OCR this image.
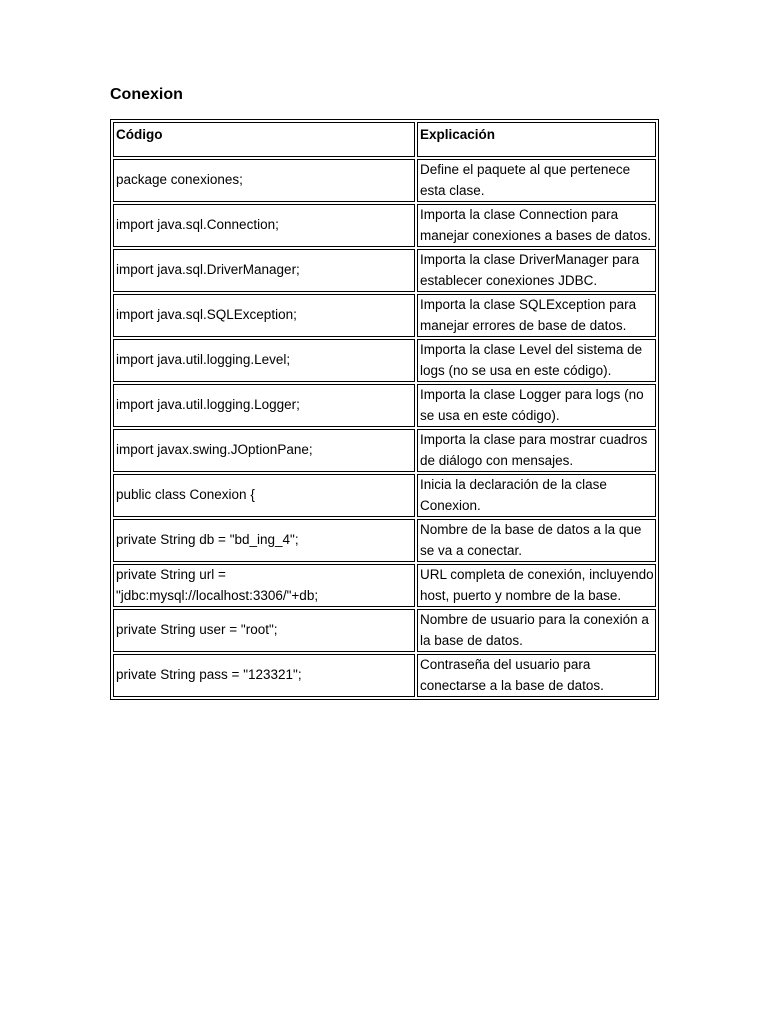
Conexion
Código	Explicación
package conexiones;	Define el paquete al que pertenece esta clase.
import java.sql.Connection;	Importa la clase Connection para manejar conexiones a bases de datos.
import java.sql.DriverManager;	Importa la clase DriverManager para establecer conexiones JDBC.
import java.sql.SQLException;	Importa la clase SQLException para manejar errores de base de datos.
import java.util.logging.Level;	Importa la clase Level del sistema de logs (no se usa en este código).
import java.util.logging.Logger;	Importa la clase Logger para logs (no se usa en este código).
import javax.swing.JOptionPane;	Importa la clase para mostrar cuadros de diálogo con mensajes.
public class Conexion {	Inicia la declaración de la clase Conexion.
private String db = "bd_ing_4";	Nombre de la base de datos a la que se va a conectar.
private String url = "jdbc:mysql://localhost:3306/"+db;	URL completa de conexión, incluyendo host, puerto y nombre de la base.
private String user = "root";	Nombre de usuario para la conexión a la base de datos.
private String pass = "123321";	Contraseña del usuario para conectarse a la base de datos.
